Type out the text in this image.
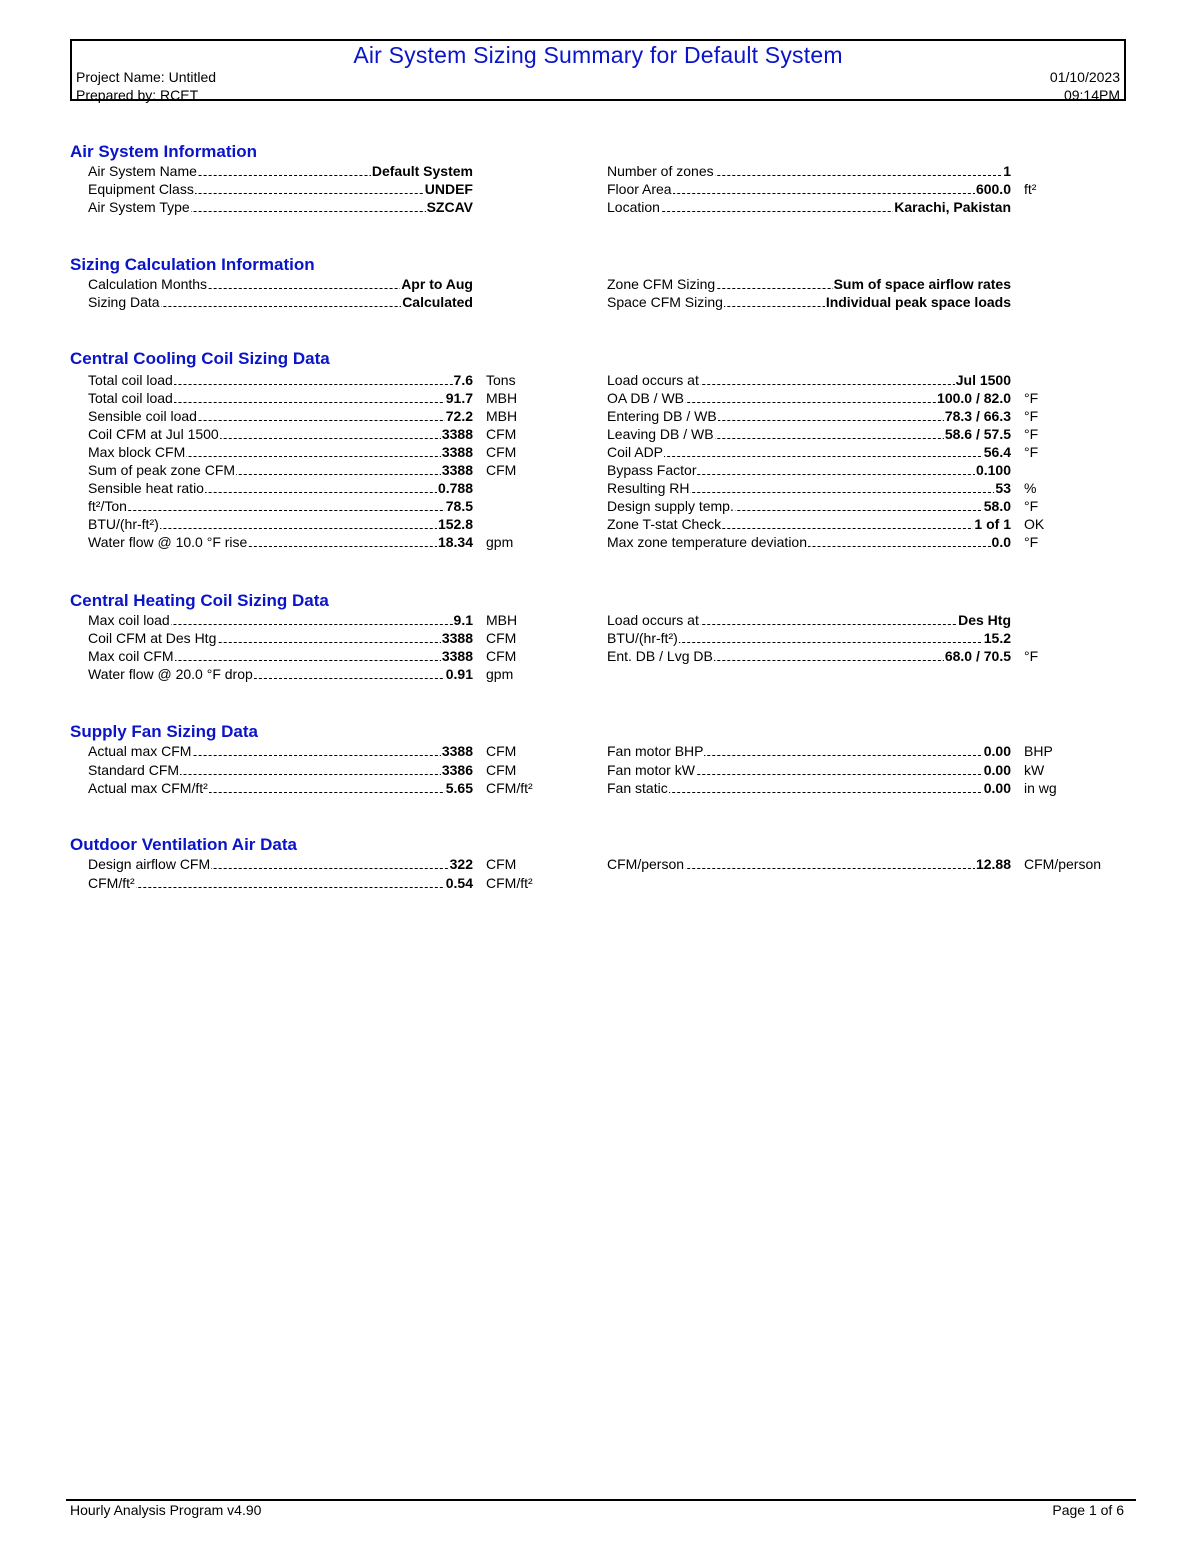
Air System Sizing Summary for Default System
Project Name: Untitled
Prepared by: RCET
01/10/2023
09:14PM
Air System Information
Air System Name	Default System
Equipment Class	UNDEF
Air System Type	SZCAV
Number of zones	1
Floor Area	600.0 ft²
Location	Karachi, Pakistan
Sizing Calculation Information
Calculation Months	Apr to Aug
Sizing Data	Calculated
Zone CFM Sizing	Sum of space airflow rates
Space CFM Sizing	Individual peak space loads
Central Cooling Coil Sizing Data
Total coil load	7.6 Tons
Total coil load	91.7 MBH
Sensible coil load	72.2 MBH
Coil CFM at Jul 1500	3388 CFM
Max block CFM	3388 CFM
Sum of peak zone CFM	3388 CFM
Sensible heat ratio	0.788
ft²/Ton	78.5
BTU/(hr-ft²)	152.8
Water flow @ 10.0 °F rise	18.34 gpm
Load occurs at	Jul 1500
OA DB / WB	100.0 / 82.0 °F
Entering DB / WB	78.3 / 66.3 °F
Leaving DB / WB	58.6 / 57.5 °F
Coil ADP	56.4 °F
Bypass Factor	0.100
Resulting RH	53 %
Design supply temp.	58.0 °F
Zone T-stat Check	1 of 1 OK
Max zone temperature deviation	0.0 °F
Central Heating Coil Sizing Data
Max coil load	9.1 MBH
Coil CFM at Des Htg	3388 CFM
Max coil CFM	3388 CFM
Water flow @ 20.0 °F drop	0.91 gpm
Load occurs at	Des Htg
BTU/(hr-ft²)	15.2
Ent. DB / Lvg DB	68.0 / 70.5 °F
Supply Fan Sizing Data
Actual max CFM	3388 CFM
Standard CFM	3386 CFM
Actual max CFM/ft²	5.65 CFM/ft²
Fan motor BHP	0.00 BHP
Fan motor kW	0.00 kW
Fan static	0.00 in wg
Outdoor Ventilation Air Data
Design airflow CFM	322 CFM
CFM/ft²	0.54 CFM/ft²
CFM/person	12.88 CFM/person
Hourly Analysis Program v4.90	Page 1 of 6
